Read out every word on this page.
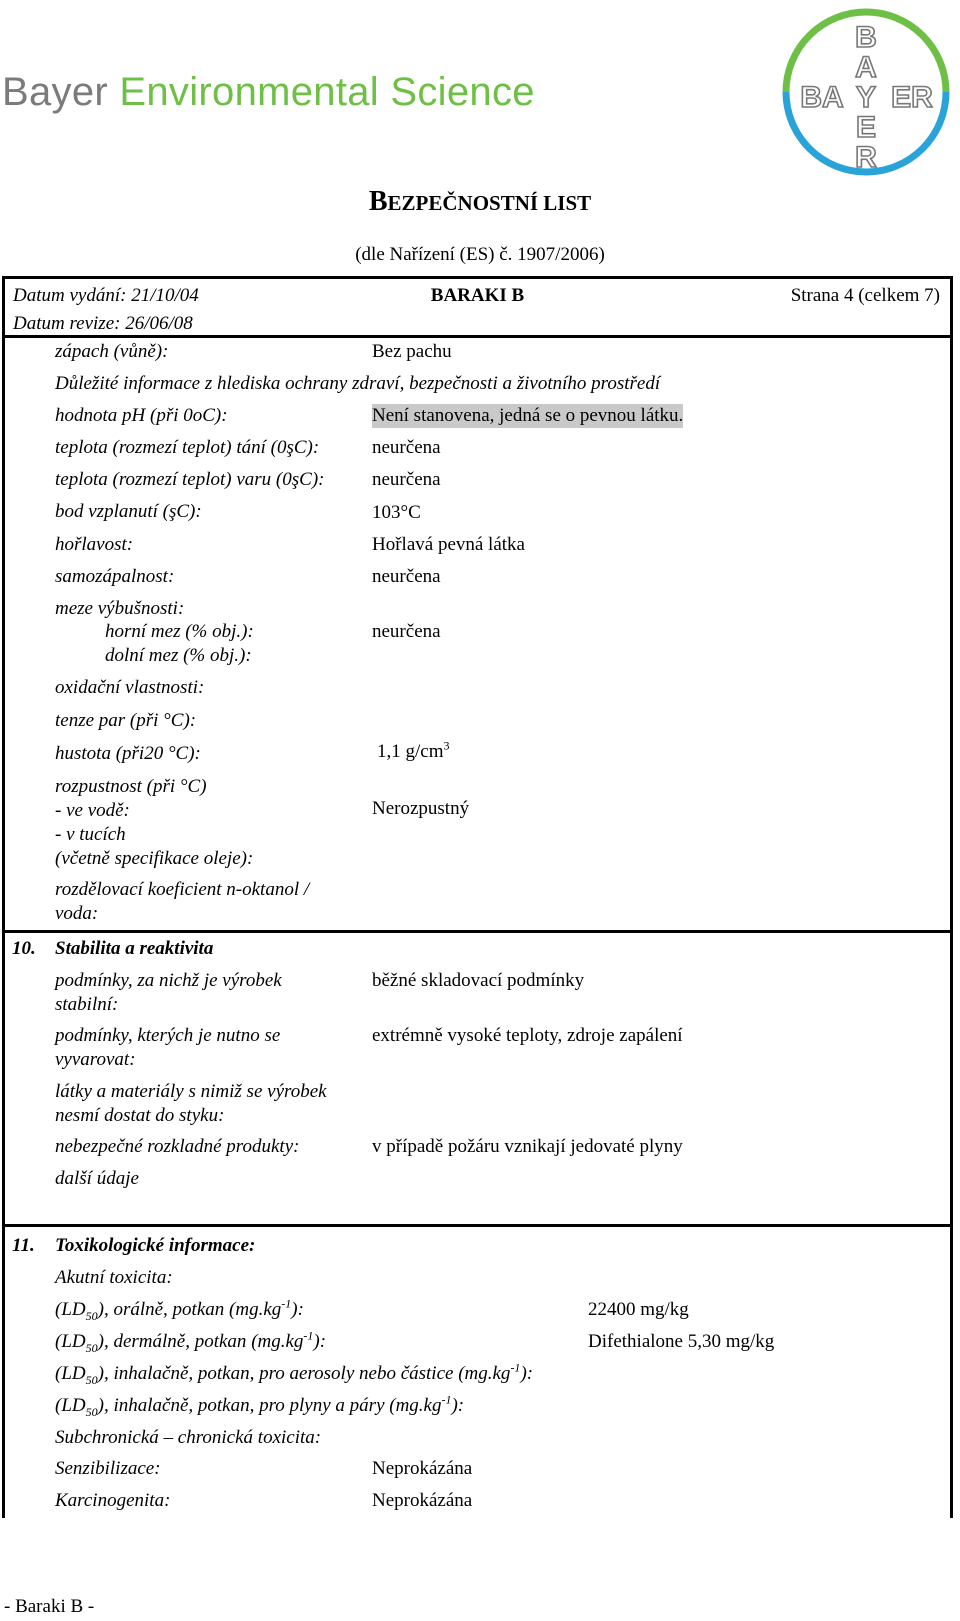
Bayer Environmental Science
B
A
BA Y ER
E
R
BEZPEČNOSTNÍ LIST
(dle Nařízení (ES) č. 1907/2006)
Datum vydání: 21/10/04
Datum revize: 26/06/08
BARAKI B	Strana 4 (celkem 7)
zápach (vůně):	Bez pachu
Důležité informace z hlediska ochrany zdraví, bezpečnosti a životního prostředí
hodnota pH (při 0oC):	Není stanovena, jedná se o pevnou látku.
teplota (rozmezí teplot) tání (0şC):	neurčena
teplota (rozmezí teplot) varu (0şC):	neurčena
bod vzplanutí (şC):	103°C
hořlavost:	Hořlavá pevná látka
samozápalnost:	neurčena
meze výbušnosti:
horní mez (% obj.):	neurčena
dolní mez (% obj.):
oxidační vlastnosti:
tenze par (při °C):
hustota (při20 °C):	1,1 $g/cm^3$
rozpustnost (při °C)
- ve vodě:	Nerozpustný
- v tucích
(včetně specifikace oleje):
rozdělovací koeficient n-oktanol /
voda:
10. Stabilita a reaktivita
podmínky, za nichž je výrobek
stabilní:
běžné skladovací podmínky
podmínky, kterých je nutno se
vyvarovat:
extrémně vysoké teploty, zdroje zapálení
látky a materiály s nimiž se výrobek
nesmí dostat do styku:
nebezpečné rozkladné produkty:	v případě požáru vznikají jedovaté plyny
další údaje
11. Toxikologické informace:
Akutní toxicita:
$(LD_{50})$, orálně, potkan $(mg.kg^{-1})$:	22400 mg/kg
$(LD_{50})$, dermálně, potkan $(mg.kg^{-1})$:	Difethialone 5,30 mg/kg
$(LD_{50})$, inhalačně, potkan, pro aerosoly nebo částice $(mg.kg^{-1})$:
$(LD_{50})$, inhalačně, potkan, pro plyny a páry $(mg.kg^{-1})$:
Subchronická – chronická toxicita:
Senzibilizace:	Neprokázána
Karcinogenita:	Neprokázána
- Baraki B -
